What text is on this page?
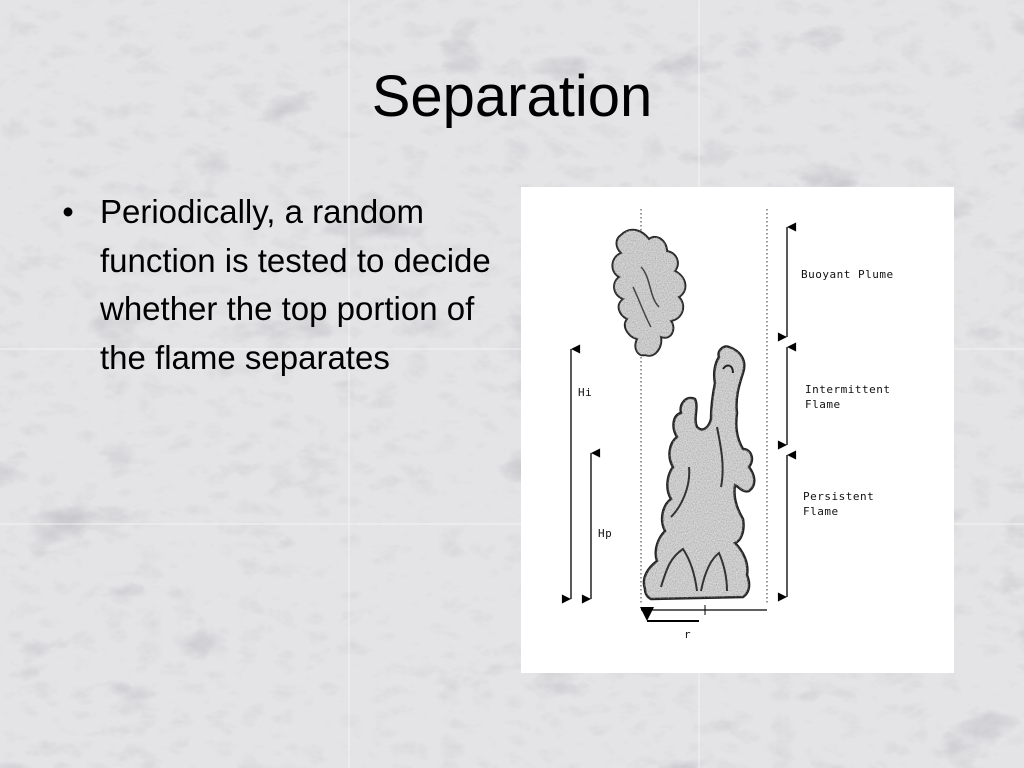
Separation
•
Periodically, a random function is tested to decide whether the top portion of the flame separates
Buoyant Plume
Intermittent
Flame
Persistent
Flame
Hi
Hp
r
